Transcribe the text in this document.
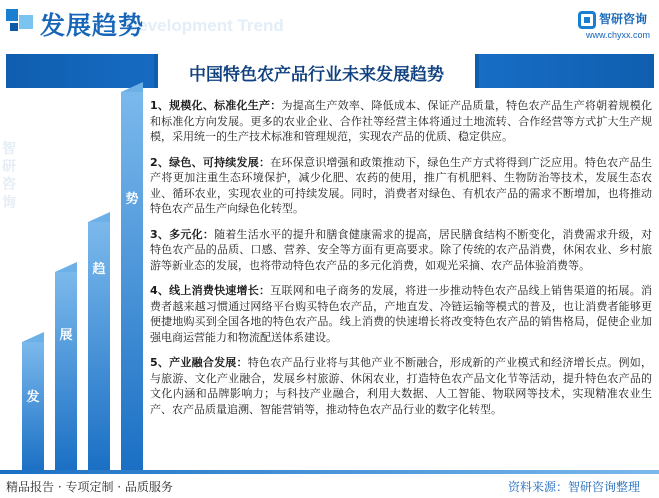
Development Trend
发展趋势	智研咨询
www.chyxx.com
中国特色农产品行业未来发展趋势
智研咨询
发
展
趋
势

1、规模化、标准化生产：为提高生产效率、降低成本、保证产品质量，特色农产品生产将朝着规模化和标准化方向发展。更多的农业企业、合作社等经营主体将通过土地流转、合作经营等方式扩大生产规模，采用统一的生产技术标准和管理规范，实现农产品的优质、稳定供应。

2、绿色、可持续发展：在环保意识增强和政策推动下，绿色生产方式将得到广泛应用。特色农产品生产将更加注重生态环境保护，减少化肥、农药的使用，推广有机肥料、生物防治等技术，发展生态农业、循环农业，实现农业的可持续发展。同时，消费者对绿色、有机农产品的需求不断增加，也将推动特色农产品生产向绿色化转型。

3、多元化：随着生活水平的提升和膳食健康需求的提高，居民膳食结构不断变化，消费需求升级，对特色农产品的品质、口感、营养、安全等方面有更高要求。除了传统的农产品消费，休闲农业、乡村旅游等新业态的发展，也将带动特色农产品的多元化消费，如观光采摘、农产品体验消费等。

4、线上消费快速增长：互联网和电子商务的发展，将进一步推动特色农产品线上销售渠道的拓展。消费者越来越习惯通过网络平台购买特色农产品，产地直发、冷链运输等模式的普及，也让消费者能够更便捷地购买到全国各地的特色农产品。线上消费的快速增长将改变特色农产品的销售格局，促使企业加强电商运营能力和物流配送体系建设。

5、产业融合发展：特色农产品行业将与其他产业不断融合，形成新的产业模式和经济增长点。例如，与旅游、文化产业融合，发展乡村旅游、休闲农业，打造特色农产品文化节等活动，提升特色农产品的文化内涵和品牌影响力；与科技产业融合，利用大数据、人工智能、物联网等技术，实现精准农业生产、农产品质量追溯、智能营销等，推动特色农产品行业的数字化转型。

精品报告 · 专项定制 · 品质服务	资料来源：智研咨询整理
